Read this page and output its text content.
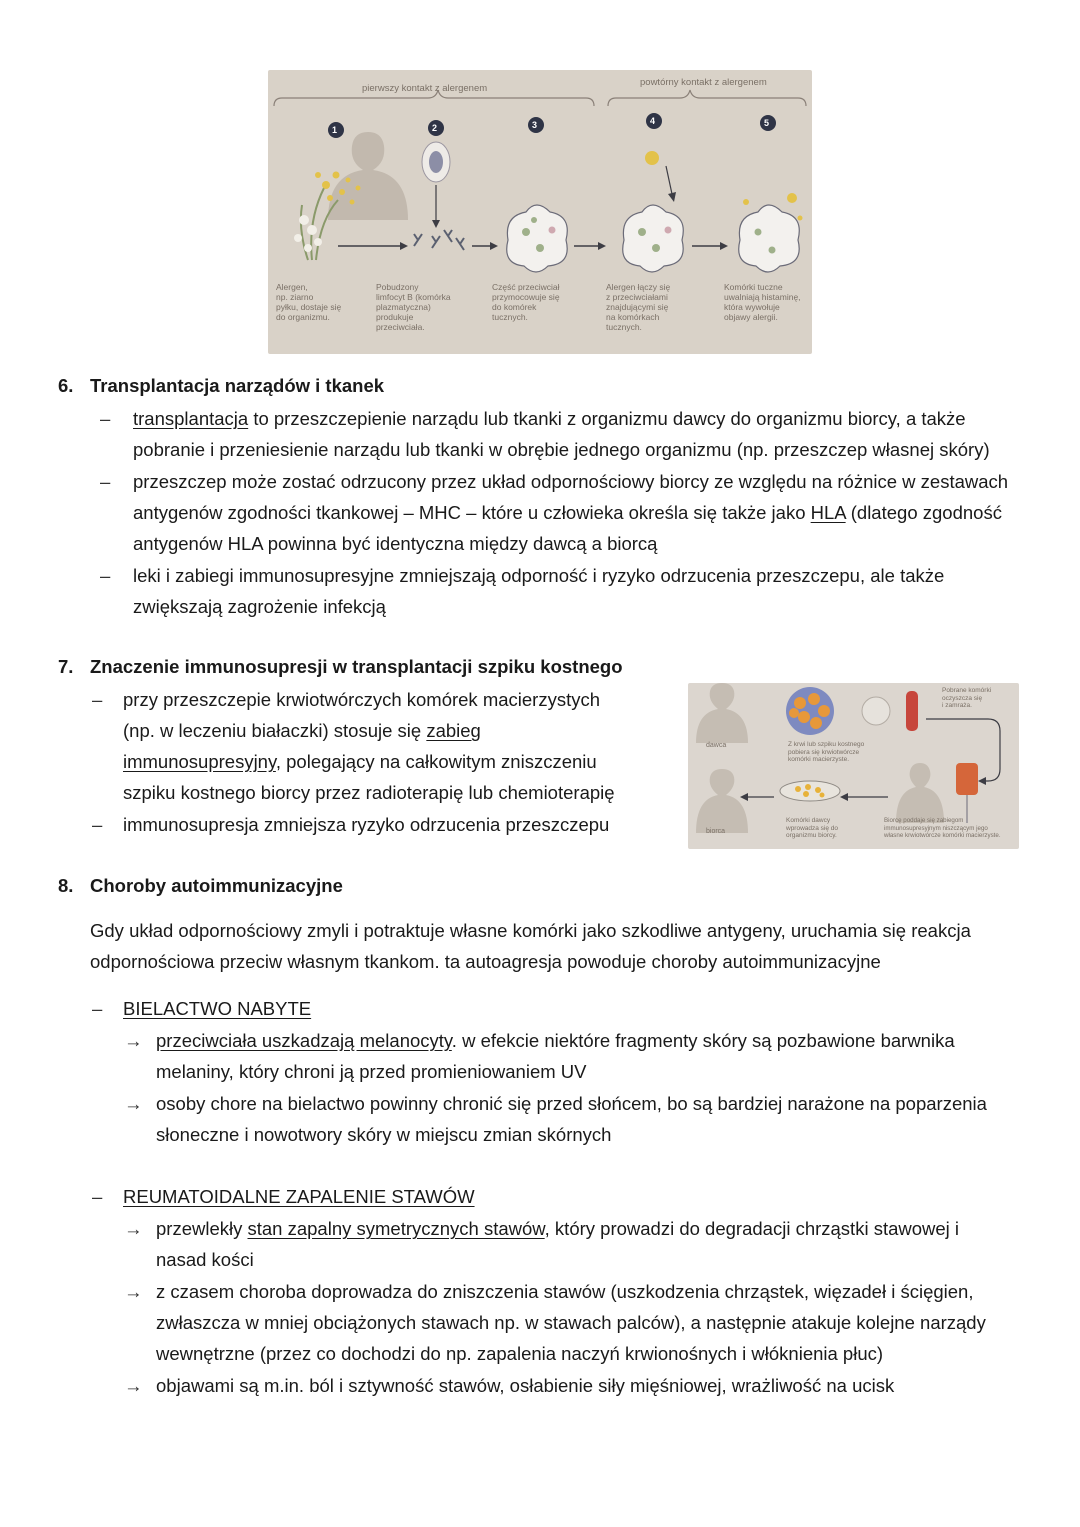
pierwszy kontakt z alergenem
powtórny kontakt z alergenem
1	2	3	4	5
Alergen,
np. ziarno
pyłku, dostaje się
do organizmu.
Pobudzony
limfocyt B (komórka
plazmatyczna)
produkuje
przeciwciała.
Część przeciwciał
przymocowuje się
do komórek
tucznych.
Alergen łączy się
z przeciwciałami
znajdującymi się
na komórkach
tucznych.
Komórki tuczne
uwalniają histaminę,
która wywołuje
objawy alergii.
6. Transplantacja narządów i tkanek
– transplantacja to przeszczepienie narządu lub tkanki z organizmu dawcy do organizmu biorcy, a także
pobranie i przeniesienie narządu lub tkanki w obrębie jednego organizmu (np. przeszczep własnej skóry)
– przeszczep może zostać odrzucony przez układ odpornościowy biorcy ze względu na różnice w zestawach
antygenów zgodności tkankowej – MHC – które u człowieka określa się także jako HLA (dlatego zgodność
antygenów HLA powinna być identyczna między dawcą a biorcą
– leki i zabiegi immunosupresyjne zmniejszają odporność i ryzyko odrzucenia przeszczepu, ale także
zwiększają zagrożenie infekcją
7. Znaczenie immunosupresji w transplantacji szpiku kostnego
– przy przeszczepie krwiotwórczych komórek macierzystych
(np. w leczeniu białaczki) stosuje się zabieg
immunosupresyjny, polegający na całkowitym zniszczeniu
szpiku kostnego biorcy przez radioterapię lub chemioterapię
– immunosupresja zmniejsza ryzyko odrzucenia przeszczepu
dawca
biorca
Z krwi lub szpiku kostnego
pobiera się krwiotwórcze
komórki macierzyste.
Pobrane komórki
oczyszcza się
i zamraża.
Komórki dawcy
wprowadza się do
organizmu biorcy.
Biorcę poddaje się zabiegom
immunosupresyjnym niszczącym jego
własne krwiotwórcze komórki macierzyste.
8. Choroby autoimmunizacyjne
Gdy układ odpornościowy zmyli i potraktuje własne komórki jako szkodliwe antygeny, uruchamia się reakcja
odpornościowa przeciw własnym tkankom. ta autoagresja powoduje choroby autoimmunizacyjne
– BIELACTWO NABYTE
→ przeciwciała uszkadzają melanocyty. w efekcie niektóre fragmenty skóry są pozbawione barwnika
melaniny, który chroni ją przed promieniowaniem UV
→ osoby chore na bielactwo powinny chronić się przed słońcem, bo są bardziej narażone na poparzenia
słoneczne i nowotwory skóry w miejscu zmian skórnych
– REUMATOIDALNE ZAPALENIE STAWÓW
→ przewlekły stan zapalny symetrycznych stawów, który prowadzi do degradacji chrząstki stawowej i
nasad kości
→ z czasem choroba doprowadza do zniszczenia stawów (uszkodzenia chrząstek, więzadeł i ścięgien,
zwłaszcza w mniej obciążonych stawach np. w stawach palców), a następnie atakuje kolejne narządy
wewnętrzne (przez co dochodzi do np. zapalenia naczyń krwionośnych i włóknienia płuc)
→ objawami są m.in. ból i sztywność stawów, osłabienie siły mięśniowej, wrażliwość na ucisk
